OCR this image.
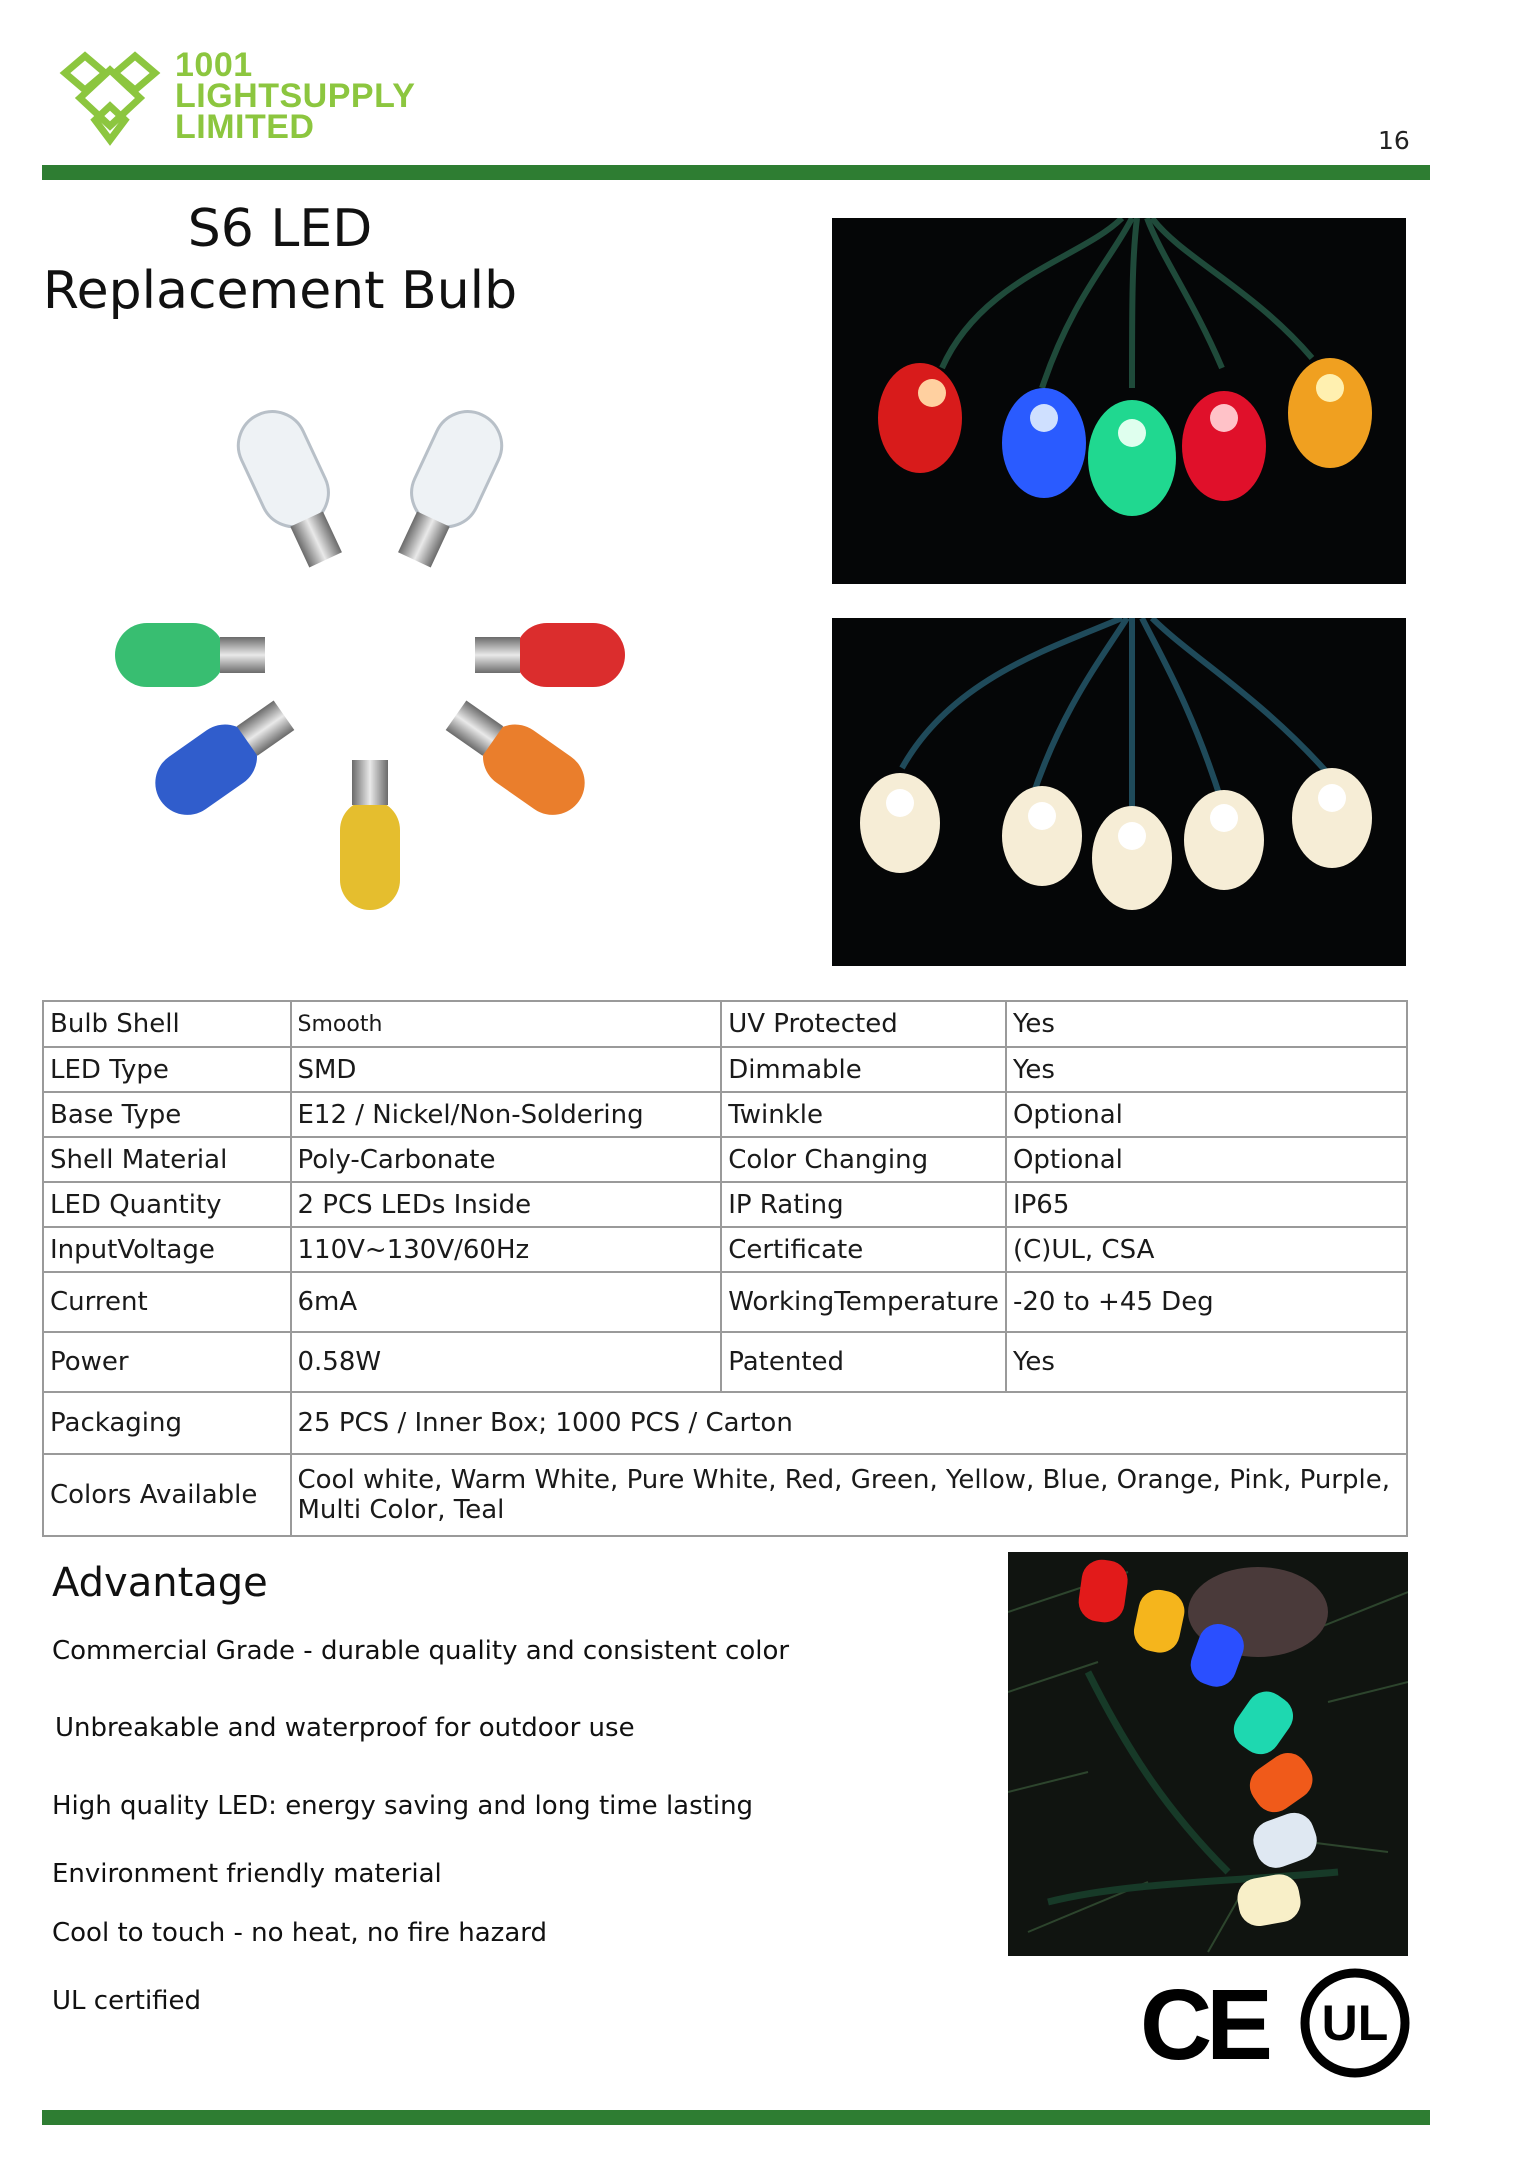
1001
LIGHTSUPPLY
LIMITED	16
S6 LED
Replacement Bulb
Bulb Shell	Smooth	UV Protected	Yes
LED Type	SMD	Dimmable	Yes
Base Type	E12 / Nickel/Non-Soldering	Twinkle	Optional
Shell Material	Poly-Carbonate	Color Changing	Optional
LED Quantity	2 PCS LEDs Inside	IP Rating	IP65
InputVoltage	110V~130V/60Hz	Certificate	(C)UL, CSA
Current	6mA	WorkingTemperature	-20 to +45 Deg
Power	0.58W	Patented	Yes
Packaging	25 PCS / Inner Box; 1000 PCS / Carton		
Colors Available	Cool white, Warm White, Pure White, Red, Green, Yellow, Blue, Orange, Pink, Purple, Multi Color, Teal		
Advantage
Commercial Grade - durable quality and consistent color
Unbreakable and waterproof for outdoor use
High quality LED: energy saving and long time lasting
Environment friendly material
Cool to touch - no heat, no fire hazard
UL certified	CE UL
